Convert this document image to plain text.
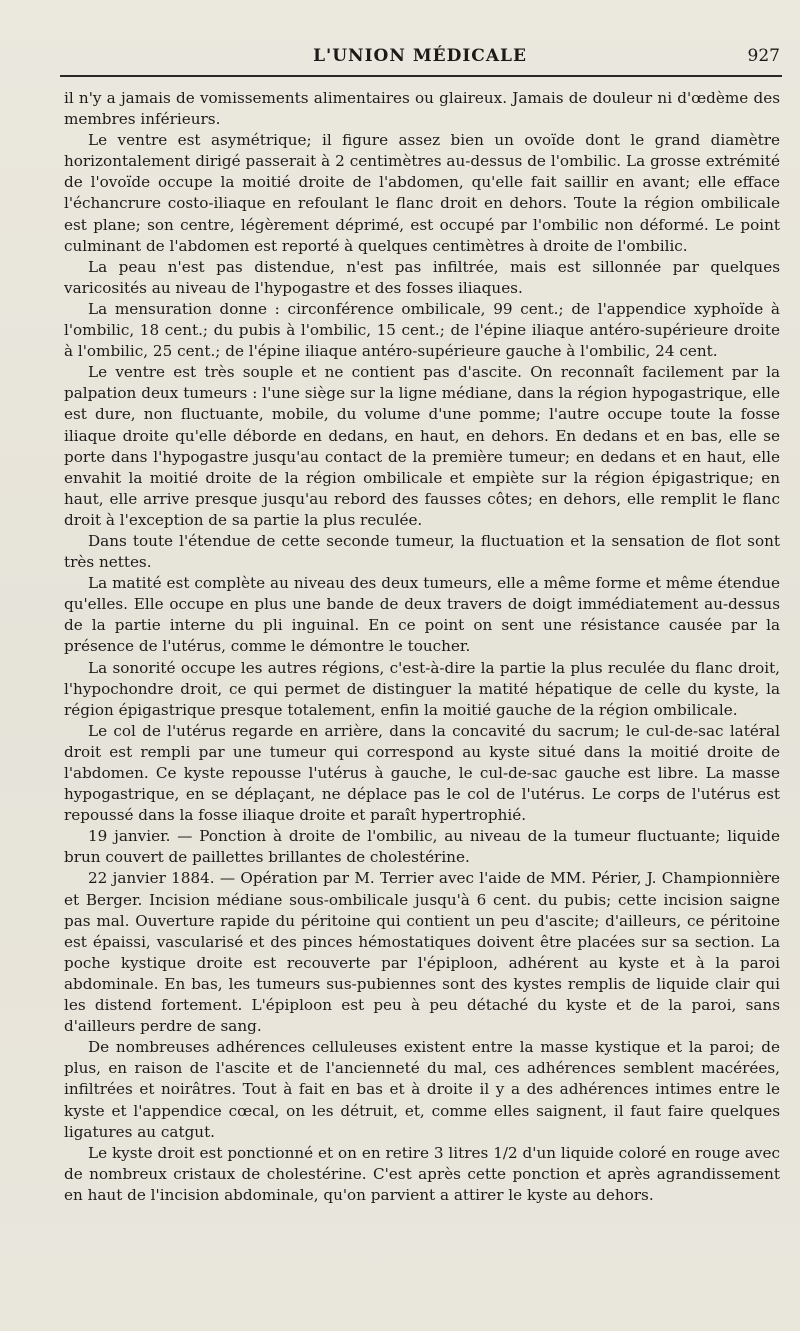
L'UNION MÉDICALE	927

il n'y a jamais de vomissements alimentaires ou glaireux. Jamais de douleur ni d'œdème des membres inférieurs.

Le ventre est asymétrique; il figure assez bien un ovoïde dont le grand diamètre horizontalement dirigé passerait à 2 centimètres au-dessus de l'ombilic. La grosse extrémité de l'ovoïde occupe la moitié droite de l'abdomen, qu'elle fait saillir en avant; elle efface l'échancrure costo-iliaque en refoulant le flanc droit en dehors. Toute la région ombilicale est plane; son centre, légèrement déprimé, est occupé par l'ombilic non déformé. Le point culminant de l'abdomen est reporté à quelques centimètres à droite de l'ombilic.

La peau n'est pas distendue, n'est pas infiltrée, mais est sillonnée par quelques varicosités au niveau de l'hypogastre et des fosses iliaques.

La mensuration donne : circonférence ombilicale, 99 cent.; de l'appendice xyphoïde à l'ombilic, 18 cent.; du pubis à l'ombilic, 15 cent.; de l'épine iliaque antéro-supérieure droite à l'ombilic, 25 cent.; de l'épine iliaque antéro-supérieure gauche à l'ombilic, 24 cent.

Le ventre est très souple et ne contient pas d'ascite. On reconnaît facilement par la palpation deux tumeurs : l'une siège sur la ligne médiane, dans la région hypogastrique, elle est dure, non fluctuante, mobile, du volume d'une pomme; l'autre occupe toute la fosse iliaque droite qu'elle déborde en dedans, en haut, en dehors. En dedans et en bas, elle se porte dans l'hypogastre jusqu'au contact de la première tumeur; en dedans et en haut, elle envahit la moitié droite de la région ombilicale et empiète sur la région épigastrique; en haut, elle arrive presque jusqu'au rebord des fausses côtes; en dehors, elle remplit le flanc droit à l'exception de sa partie la plus reculée.

Dans toute l'étendue de cette seconde tumeur, la fluctuation et la sensation de flot sont très nettes.

La matité est complète au niveau des deux tumeurs, elle a même forme et même étendue qu'elles. Elle occupe en plus une bande de deux travers de doigt immédiatement au-dessus de la partie interne du pli inguinal. En ce point on sent une résistance causée par la présence de l'utérus, comme le démontre le toucher.

La sonorité occupe les autres régions, c'est-à-dire la partie la plus reculée du flanc droit, l'hypochondre droit, ce qui permet de distinguer la matité hépatique de celle du kyste, la région épigastrique presque totalement, enfin la moitié gauche de la région ombilicale.

Le col de l'utérus regarde en arrière, dans la concavité du sacrum; le cul-de-sac latéral droit est rempli par une tumeur qui correspond au kyste situé dans la moitié droite de l'abdomen. Ce kyste repousse l'utérus à gauche, le cul-de-sac gauche est libre. La masse hypogastrique, en se déplaçant, ne déplace pas le col de l'utérus. Le corps de l'utérus est repoussé dans la fosse iliaque droite et paraît hypertrophié.

19 janvier. — Ponction à droite de l'ombilic, au niveau de la tumeur fluctuante; liquide brun couvert de paillettes brillantes de cholestérine.

22 janvier 1884. — Opération par M. Terrier avec l'aide de MM. Périer, J. Championnière et Berger. Incision médiane sous-ombilicale jusqu'à 6 cent. du pubis; cette incision saigne pas mal. Ouverture rapide du péritoine qui contient un peu d'ascite; d'ailleurs, ce péritoine est épaissi, vascularisé et des pinces hémostatiques doivent être placées sur sa section. La poche kystique droite est recouverte par l'épiploon, adhérent au kyste et à la paroi abdominale. En bas, les tumeurs sus-pubiennes sont des kystes remplis de liquide clair qui les distend fortement. L'épiploon est peu à peu détaché du kyste et de la paroi, sans d'ailleurs perdre de sang.

De nombreuses adhérences celluleuses existent entre la masse kystique et la paroi; de plus, en raison de l'ascite et de l'ancienneté du mal, ces adhérences semblent macérées, infiltrées et noirâtres. Tout à fait en bas et à droite il y a des adhérences intimes entre le kyste et l'appendice cœcal, on les détruit, et, comme elles saignent, il faut faire quelques ligatures au catgut.

Le kyste droit est ponctionné et on en retire 3 litres 1/2 d'un liquide coloré en rouge avec de nombreux cristaux de cholestérine. C'est après cette ponction et après agrandissement en haut de l'incision abdominale, qu'on parvient a attirer le kyste au dehors.
